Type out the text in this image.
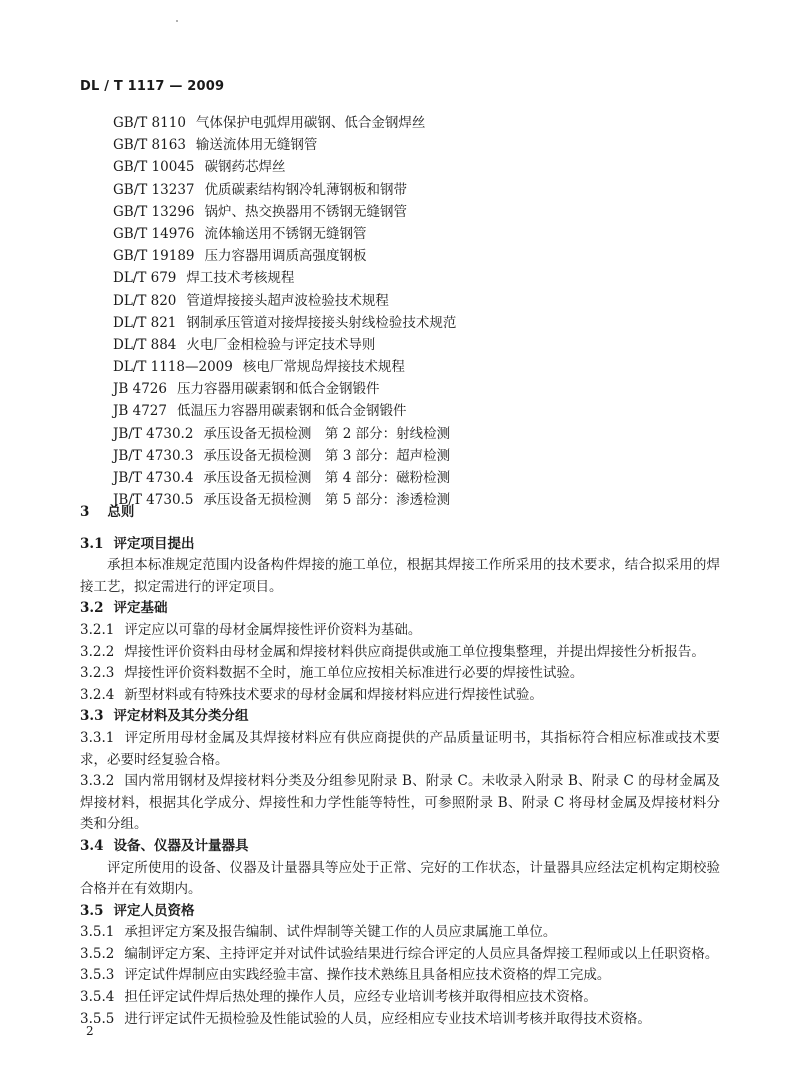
DL / T 1117 — 2009
GB/T 8110 气体保护电弧焊用碳钢、低合金钢焊丝
GB/T 8163 输送流体用无缝钢管
GB/T 10045 碳钢药芯焊丝
GB/T 13237 优质碳素结构钢冷轧薄钢板和钢带
GB/T 13296 锅炉、热交换器用不锈钢无缝钢管
GB/T 14976 流体输送用不锈钢无缝钢管
GB/T 19189 压力容器用调质高强度钢板
DL/T 679 焊工技术考核规程
DL/T 820 管道焊接接头超声波检验技术规程
DL/T 821 钢制承压管道对接焊接接头射线检验技术规范
DL/T 884 火电厂金相检验与评定技术导则
DL/T 1118—2009 核电厂常规岛焊接技术规程
JB 4726 压力容器用碳素钢和低合金钢锻件
JB 4727 低温压力容器用碳素钢和低合金钢锻件
JB/T 4730.2 承压设备无损检测　第 2 部分：射线检测
JB/T 4730.3 承压设备无损检测　第 3 部分：超声检测
JB/T 4730.4 承压设备无损检测　第 4 部分：磁粉检测
JB/T 4730.5 承压设备无损检测　第 5 部分：渗透检测
3 总则
3.1 评定项目提出
承担本标准规定范围内设备构件焊接的施工单位，根据其焊接工作所采用的技术要求，结合拟采用的焊接工艺，拟定需进行的评定项目。
3.2 评定基础
3.2.1 评定应以可靠的母材金属焊接性评价资料为基础。
3.2.2 焊接性评价资料由母材金属和焊接材料供应商提供或施工单位搜集整理，并提出焊接性分析报告。
3.2.3 焊接性评价资料数据不全时，施工单位应按相关标准进行必要的焊接性试验。
3.2.4 新型材料或有特殊技术要求的母材金属和焊接材料应进行焊接性试验。
3.3 评定材料及其分类分组
3.3.1 评定所用母材金属及其焊接材料应有供应商提供的产品质量证明书，其指标符合相应标准或技术要求，必要时经复验合格。
3.3.2 国内常用钢材及焊接材料分类及分组参见附录 B、附录 C。未收录入附录 B、附录 C 的母材金属及焊接材料，根据其化学成分、焊接性和力学性能等特性，可参照附录 B、附录 C 将母材金属及焊接材料分类和分组。
3.4 设备、仪器及计量器具
评定所使用的设备、仪器及计量器具等应处于正常、完好的工作状态，计量器具应经法定机构定期校验合格并在有效期内。
3.5 评定人员资格
3.5.1 承担评定方案及报告编制、试件焊制等关键工作的人员应隶属施工单位。
3.5.2 编制评定方案、主持评定并对试件试验结果进行综合评定的人员应具备焊接工程师或以上任职资格。
3.5.3 评定试件焊制应由实践经验丰富、操作技术熟练且具备相应技术资格的焊工完成。
3.5.4 担任评定试件焊后热处理的操作人员，应经专业培训考核并取得相应技术资格。
3.5.5 进行评定试件无损检验及性能试验的人员，应经相应专业技术培训考核并取得技术资格。
2
